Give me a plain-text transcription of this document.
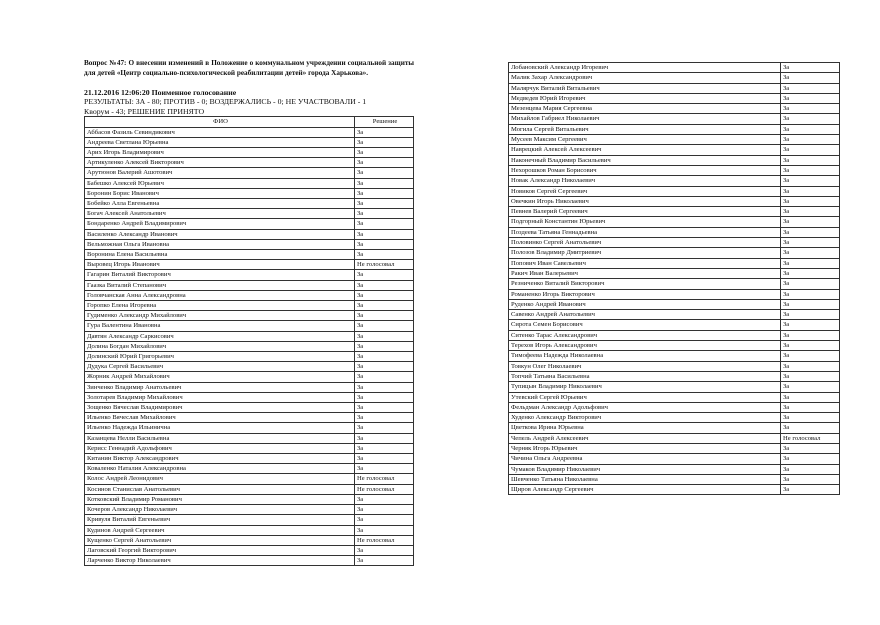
Вопрос №47: О внесении изменений в Положение о коммунальном учреждении социальной защиты для детей «Центр социально-психологической реабилитации детей» города Харькова».

21.12.2016 12:06:20 Поименное голосование
РЕЗУЛЬТАТЫ: ЗА - 80; ПРОТИВ - 0; ВОЗДЕРЖАЛИСЬ - 0; НЕ УЧАСТВОВАЛИ - 1
Кворум - 43; РЕШЕНИЕ ПРИНЯТО
ФИО	Решение
Аббасов Фазиль Севиндикович	За
Андреева Светлана Юрьевна	За
Арих Игорь Владимирович	За
Артикуленко Алексей Викторович	За
Арутюнов Валерий Ашотович	За
Бабешко Алексей Юрьевич	За
Боронин Борис Иванович	За
Бобейко Алла Евгеньевна	За
Богач Алексей Анатольевич	За
Бондаренко Андрей Владимирович	За
Василенко Александр Иванович	За
Вельможная Ольга Ивановна	За
Воронина Елена Васильевна	За
Выровец Игорь Иванович	Не голосовал
Гагарин Виталий Викторович	За
Гаазка Виталий Степанович	За
Головчанская Анна Александровна	За
Горопко Елена Игоревна	За
Гудименко Александр Михайлович	За
Гура Валентина Ивановна	За
Давтян Александр Саркисович	За
Долина Богдан Михайлович	За
Долинский Юрий Григорьевич	За
Дудука Сергей Васильевич	За
Жорник Андрей Михайлович	За
Зинченко Владимир Анатольевич	За
Золотарев Владимир Михайлович	За
Зощенко Вячеслав Владимирович	За
Ильенко Вячеслав Михайлович	За
Ильенко Надежда Ильинична	За
Казанцева Нелли Васильевна	За
Керисс Геннадий Адольфович	За
Китанин Виктор Александрович	За
Коваленко Наталия Александровна	За
Колос Андрей Леонидович	Не голосовал
Косинов Станислав Анатольевич	Не голосовал
Котковский Владимир Романович	За
Кочеров Александр Николаевич	За
Кривуля Виталий Евгеньевич	За
Кудинов Андрей Сергеевич	За
Кущенко Сергей Анатольевич	Не голосовал
Лаговский Георгий Викторович	За
Ларченко Виктор Николаевич	За
Лобановский Александр Игоревич	За
Малик Захар Александрович	За
Малярчук Виталий Витальевич	За
Медведев Юрий Игоревич	За
Мезенцева Мария Сергеевна	За
Михайлов Габриел Николаевич	За
Могила Сергей Витальевич	За
Мусеев Максим Сергеевич	За
Наврецкий Алексей Алексеевич	За
Наконечный Владимир Васильевич	За
Нехорошков Роман Борисович	За
Новак Александр Николаевич	За
Новиков Сергей Сергеевич	За
Овечкин Игорь Николаевич	За
Певнев Валерий Сергеевич	За
Подгорный Константин Юрьевич	За
Поздеева Татьяна Геннадьевна	За
Половинко Сергей Анатольевич	За
Полозов Владимир Дмитриевич	За
Попович Иван Савельевич	За
Ракич Иван Валерьевич	За
Резниченко Виталий Викторович	За
Романенко Игорь Викторович	За
Руденко Андрей Иванович	За
Савенко Андрей Анатольевич	За
Сирота Семен Борисович	За
Ситенко Тарас Александрович	За
Терехов Игорь Александрович	За
Тимофеева Надежда Николаевна	За
Товкун Олег Николаевич	За
Топчий Татьяна Васильевна	За
Тупицын Владимир Николаевич	За
Утевский Сергей Юрьевич	За
Фельдман Александр Адольфович	За
Худенко Александр Викторович	За
Цветкова Ирина Юрьевна	За
Чепель Андрей Алексеевич	Не голосовал
Черняк Игорь Юрьевич	За
Чичина Ольга Андреевна	За
Чумаков Владимир Николаевич	За
Шевченко Татьяна Николаевна	За
Щиров Александр Сергеевич	За
